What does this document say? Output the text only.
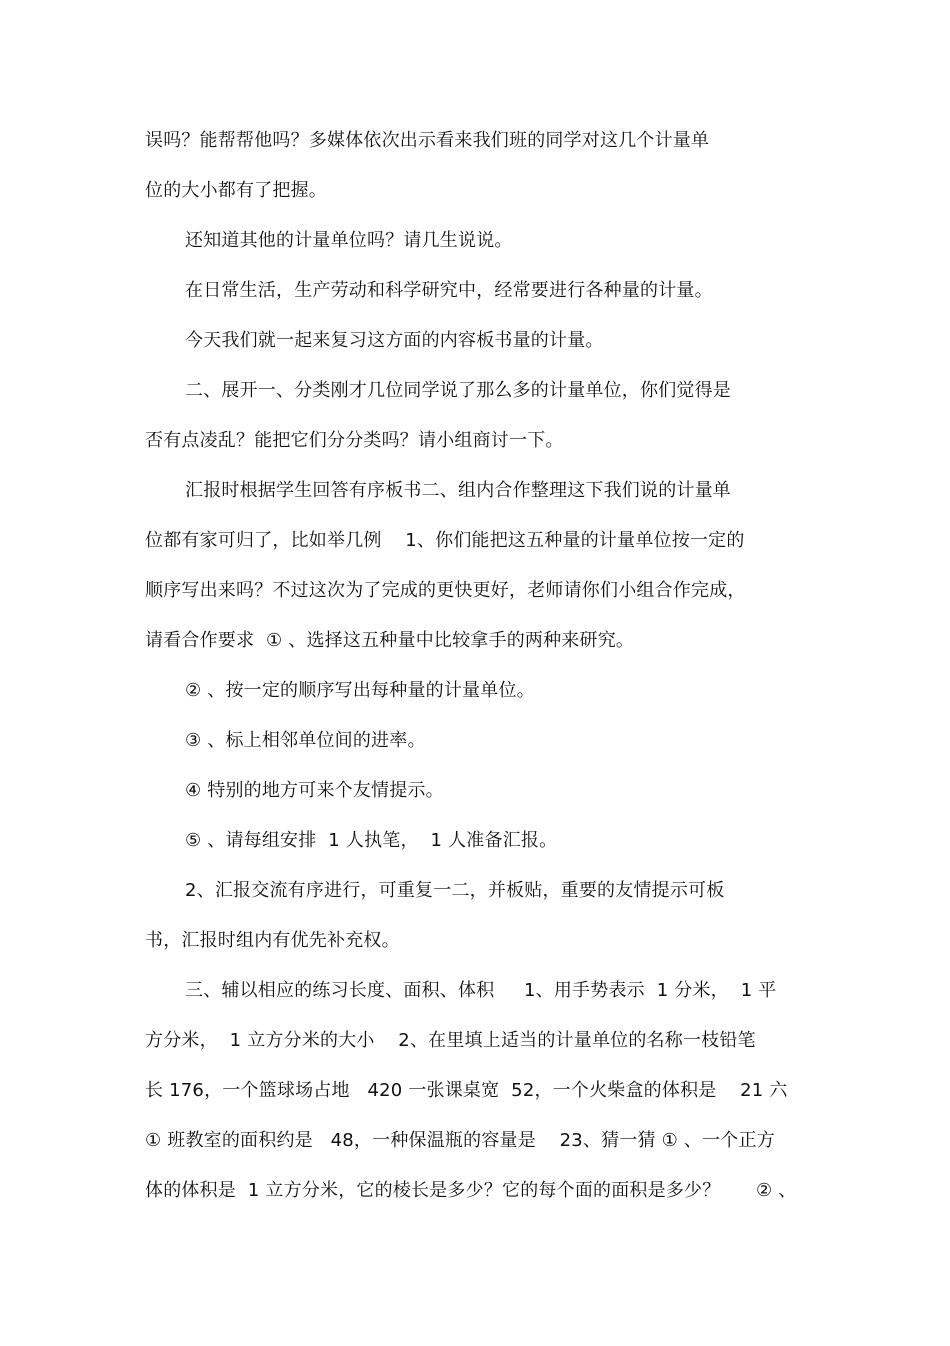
误吗？能帮帮他吗？多媒体依次出示看来我们班的同学对这几个计量单
位的大小都有了把握。
还知道其他的计量单位吗？请几生说说。
在日常生活，生产劳动和科学研究中，经常要进行各种量的计量。
今天我们就一起来复习这方面的内容板书量的计量。
二、展开一、分类刚才几位同学说了那么多的计量单位，你们觉得是
否有点凌乱？能把它们分分类吗？请小组商讨一下。
汇报时根据学生回答有序板书二、组内合作整理这下我们说的计量单
位都有家可归了，比如举几例    1、你们能把这五种量的计量单位按一定的
顺序写出来吗？不过这次为了完成的更快更好，老师请你们小组合作完成，
请看合作要求  ① 、选择这五种量中比较拿手的两种来研究。
② 、按一定的顺序写出每种量的计量单位。
③ 、标上相邻单位间的进率。
④ 特别的地方可来个友情提示。
⑤ 、请每组安排  1 人执笔，  1 人准备汇报。
2、汇报交流有序进行，可重复一二，并板贴，重要的友情提示可板
书，汇报时组内有优先补充权。
三、辅以相应的练习长度、面积、体积     1、用手势表示  1 分米，  1 平
方分米，  1 立方分米的大小    2、在里填上适当的计量单位的名称一枝铅笔
长 176，一个篮球场占地   420 一张课桌宽  52，一个火柴盒的体积是    21 六
① 班教室的面积约是   48，一种保温瓶的容量是    23、猜一猜 ① 、一个正方
体的体积是  1 立方分米，它的棱长是多少？它的每个面的面积是多少？      ② 、
